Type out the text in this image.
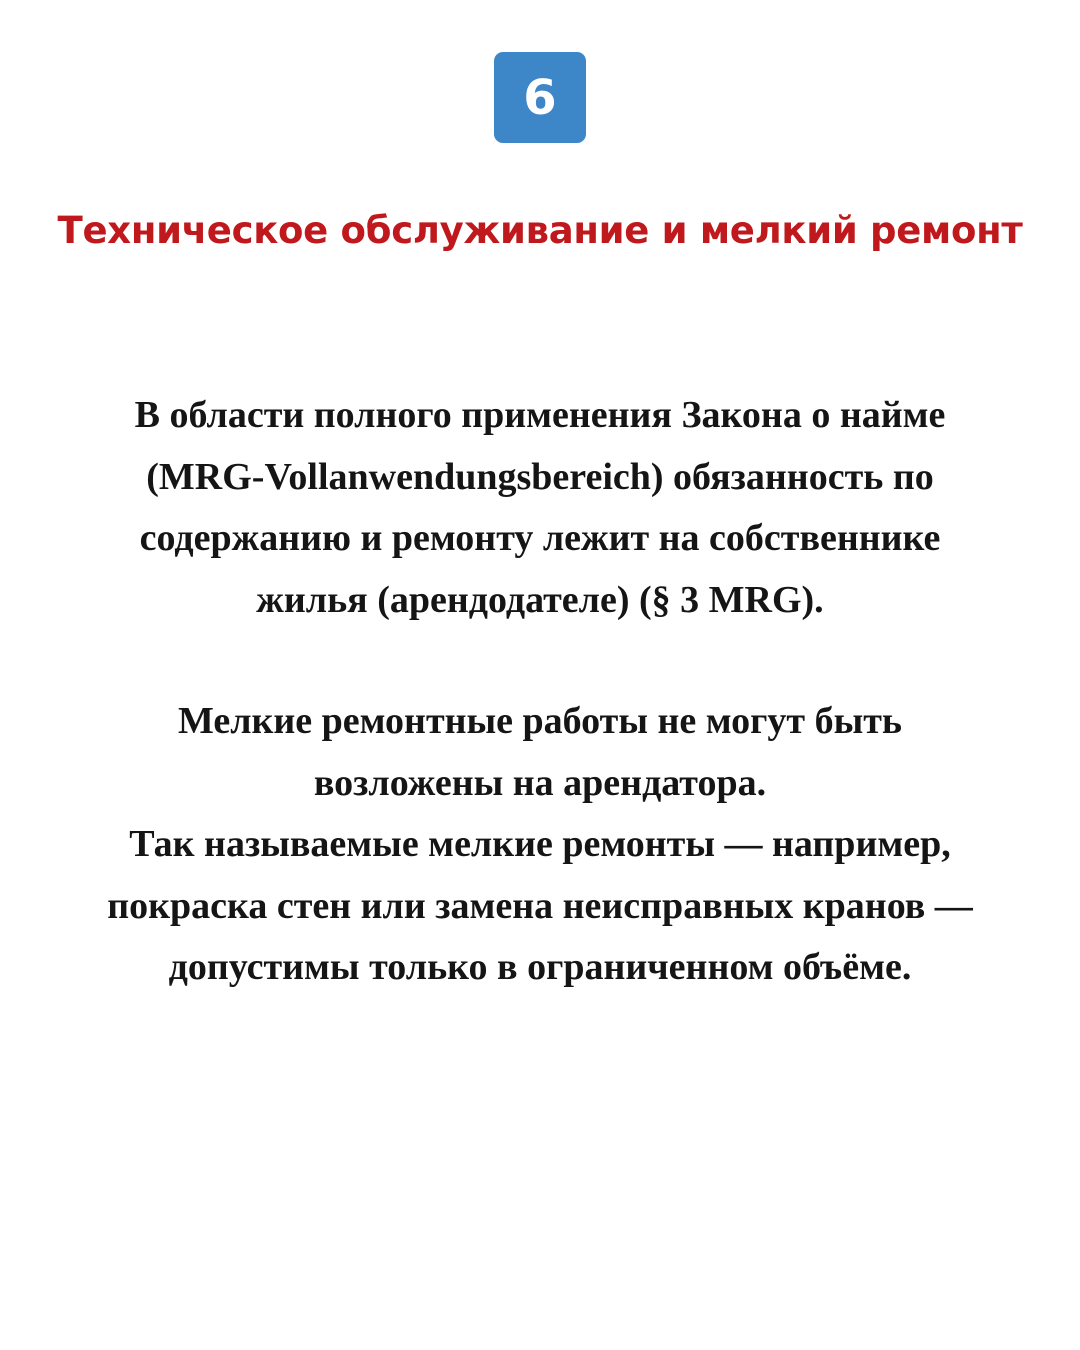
6
Техническое обслуживание и мелкий ремонт
В области полного применения Закона о найме
(MRG-Vollanwendungsbereich) обязанность по
содержанию и ремонту лежит на собственнике
жилья (арендодателе) (§ 3 MRG).
Мелкие ремонтные работы не могут быть
возложены на арендатора.
Так называемые мелкие ремонты — например,
покраска стен или замена неисправных кранов —
допустимы только в ограниченном объёме.
